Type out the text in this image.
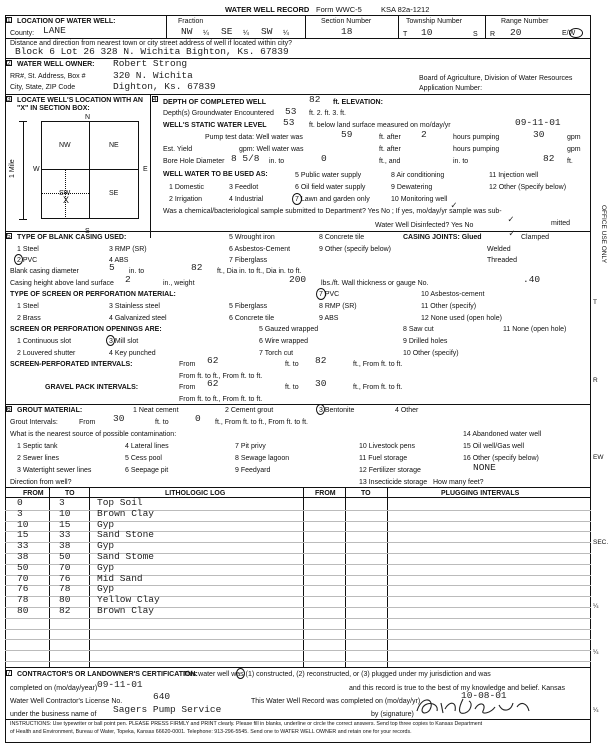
WATER WELL RECORD Form WWC-5	KSA 82a-1212
1 LOCATION OF WATER WELL:
County: LANE
Fraction
NW ¼ SE ¼ SW ¼
Section Number
18
Township Number
T 10	S
Range Number
R 20	E/W
Distance and direction from nearest town or city street address of well if located within city?
Block 6 Lot 26 328 N. Wichita Bighton, Ks. 67839
2 WATER WELL OWNER: Robert Strong
RR#, St. Address, Box #	320 N. Wichita
City, State, ZIP Code	Dighton, Ks. 67839
Board of Agriculture, Division of Water Resources
Application Number:
3 LOCATE WELL'S LOCATION WITH AN "X" IN SECTION BOX:
N
S
W	E
1 Mile
NW	NE
SW	SE
X
4 DEPTH OF COMPLETED WELL	82 ft. ELEVATION:
Depth(s) Groundwater Encountered 53 ft. 2. ft. 3. ft.
WELL'S STATIC WATER LEVEL 53 ft. below land surface measured on mo/day/yr	09-11-01
Pump test data: Well water was	59	ft. after 2	hours pumping	30	gpm
Est. Yield	gpm: Well water was	ft. after	hours pumping	gpm
Bore Hole Diameter 8 5/8 in. to	0	ft., and	in. to	82 ft.
WELL WATER TO BE USED AS:
1 Domestic	3 Feedlot
5 Public water supply	8 Air conditioning	11 Injection well
2 Irrigation	4 Industrial
6 Oil field water supply	9 Dewatering	12 Other (Specify below)
7 Lawn and garden only	10 Monitoring well
Was a chemical/bacteriological sample submitted to Department? Yes No ; If yes, mo/day/yr sample was sub-
✓
mitted
Water Well Disinfected? Yes No
✓
5 TYPE OF BLANK CASING USED:
1 Steel	3 RMP (SR)
5 Wrought iron	8 Concrete tile
2 PVC	4 ABS
6 Asbestos-Cement	9 Other (specify below)
7 Fiberglass
CASING JOINTS: Glued	✓ Clamped
Welded
Threaded
Blank casing diameter	5 in. to	82 ft., Dia in. to ft., Dia in. to ft.
Casing height above land surface 2	in., weight	200 lbs./ft. Wall thickness or gauge No.	.40
TYPE OF SCREEN OR PERFORATION MATERIAL:
1 Steel	3 Stainless steel	5 Fiberglass
7 PVC	10 Asbestos-cement
2 Brass	4 Galvanized steel	6 Concrete tile
8 RMP (SR)	11 Other (specify)
9 ABS	12 None used (open hole)
SCREEN OR PERFORATION OPENINGS ARE:
1 Continuous slot	3 Mill slot
5 Gauzed wrapped	8 Saw cut	11 None (open hole)
2 Louvered shutter	4 Key punched
6 Wire wrapped	9 Drilled holes
7 Torch cut	10 Other (specify)
SCREEN-PERFORATED INTERVALS:	From 62	ft. to 82	ft., From ft. to ft.
From ft. to ft., From ft. to ft.
GRAVEL PACK INTERVALS:	From 62	ft. to 30	ft., From ft. to ft.
From ft. to ft., From ft. to ft.
6 GROUT MATERIAL:	1 Neat cement	2 Cement grout	3 Bentonite	4 Other
Grout Intervals:	From 30	ft. to	0 ft., From ft. to ft., From ft. to ft.
What is the nearest source of possible contamination:
1 Septic tank	4 Lateral lines	7 Pit privy	10 Livestock pens
14 Abandoned water well
2 Sewer lines	5 Cess pool	8 Sewage lagoon	11 Fuel storage
15 Oil well/Gas well
3 Watertight sewer lines	6 Seepage pit	9 Feedyard	12 Fertilizer storage
16 Other (specify below)
13 Insecticide storage
NONE
Direction from well?	How many feet?
FROM	TO	LITHOLOGIC LOG	FROM	TO	PLUGGING INTERVALS
0	3	Top Soil
3	10	Brown Clay
10	15	Gyp
15	33	Sand Stone
33	38	Gyp
38	50	Sand Stome
50	70	Gyp
70	76	Mid Sand
76	78	Gyp
78	80	Yellow Clay
80	82	Brown Clay
7 CONTRACTOR'S OR LANDOWNER'S CERTIFICATION:
This water well was (1) constructed, (2) reconstructed, or (3) plugged under my jurisdiction and was
completed on (mo/day/year) 09-11-01	and this record is true to the best of my knowledge and belief. Kansas
Water Well Contractor's License No.	640	This Water Well Record was completed on (mo/day/yr)
10-08-01
under the business name of Sagers Pump Service	by (signature)
INSTRUCTIONS: Use typewriter or ball point pen. PLEASE PRESS FIRMLY and PRINT clearly. Please fill in blanks, underline or circle the correct answers. Send top three copies to Kansas Department
of Health and Environment, Bureau of Water, Topeka, Kansas 66620-0001. Telephone: 913-296-5545. Send one to WATER WELL OWNER and retain one for your records.
OFFICE USE ONLY
T
R
EW
SEC.
¼
¼
¼
